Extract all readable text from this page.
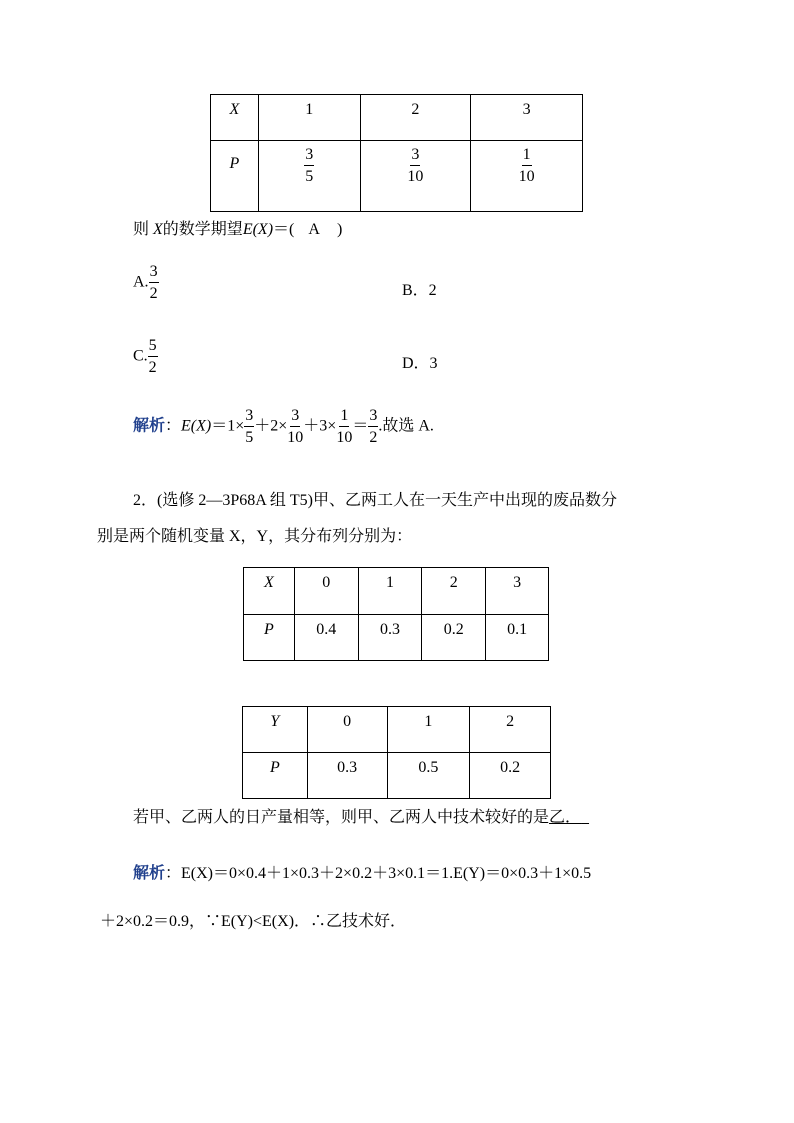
X	1	2	3

P	$\frac{3}{5}$	$\frac{3}{10}$	$\frac{1}{10}$
则 X的数学期望E(X)＝( A )
A. $\frac{3}{2}$	B．2
C. $\frac{5}{2}$	D．3
解析：$E(X)=1\times \frac{3}{5} +2\times \frac{3}{10} +3\times \frac{1}{10} = \frac{3}{2}$ .故选 A.
2．(选修 2—3P68A 组 T5)甲、乙两工人在一天生产中出现的废品数分
别是两个随机变量 X，Y，其分布列分别为：
X	0	1	2	3

P	0.4	0.3	0.2	0.1
Y	0	1	2

P	0.3	0.5	0.2
若甲、乙两人的日产量相等，则甲、乙两人中技术较好的是乙．
解析：E(X)＝0×0.4＋1×0.3＋2×0.2＋3×0.1＝1.E(Y)＝0×0.3＋1×0.5
＋2×0.2＝0.9，∵E(Y)<E(X)．∴乙技术好．
